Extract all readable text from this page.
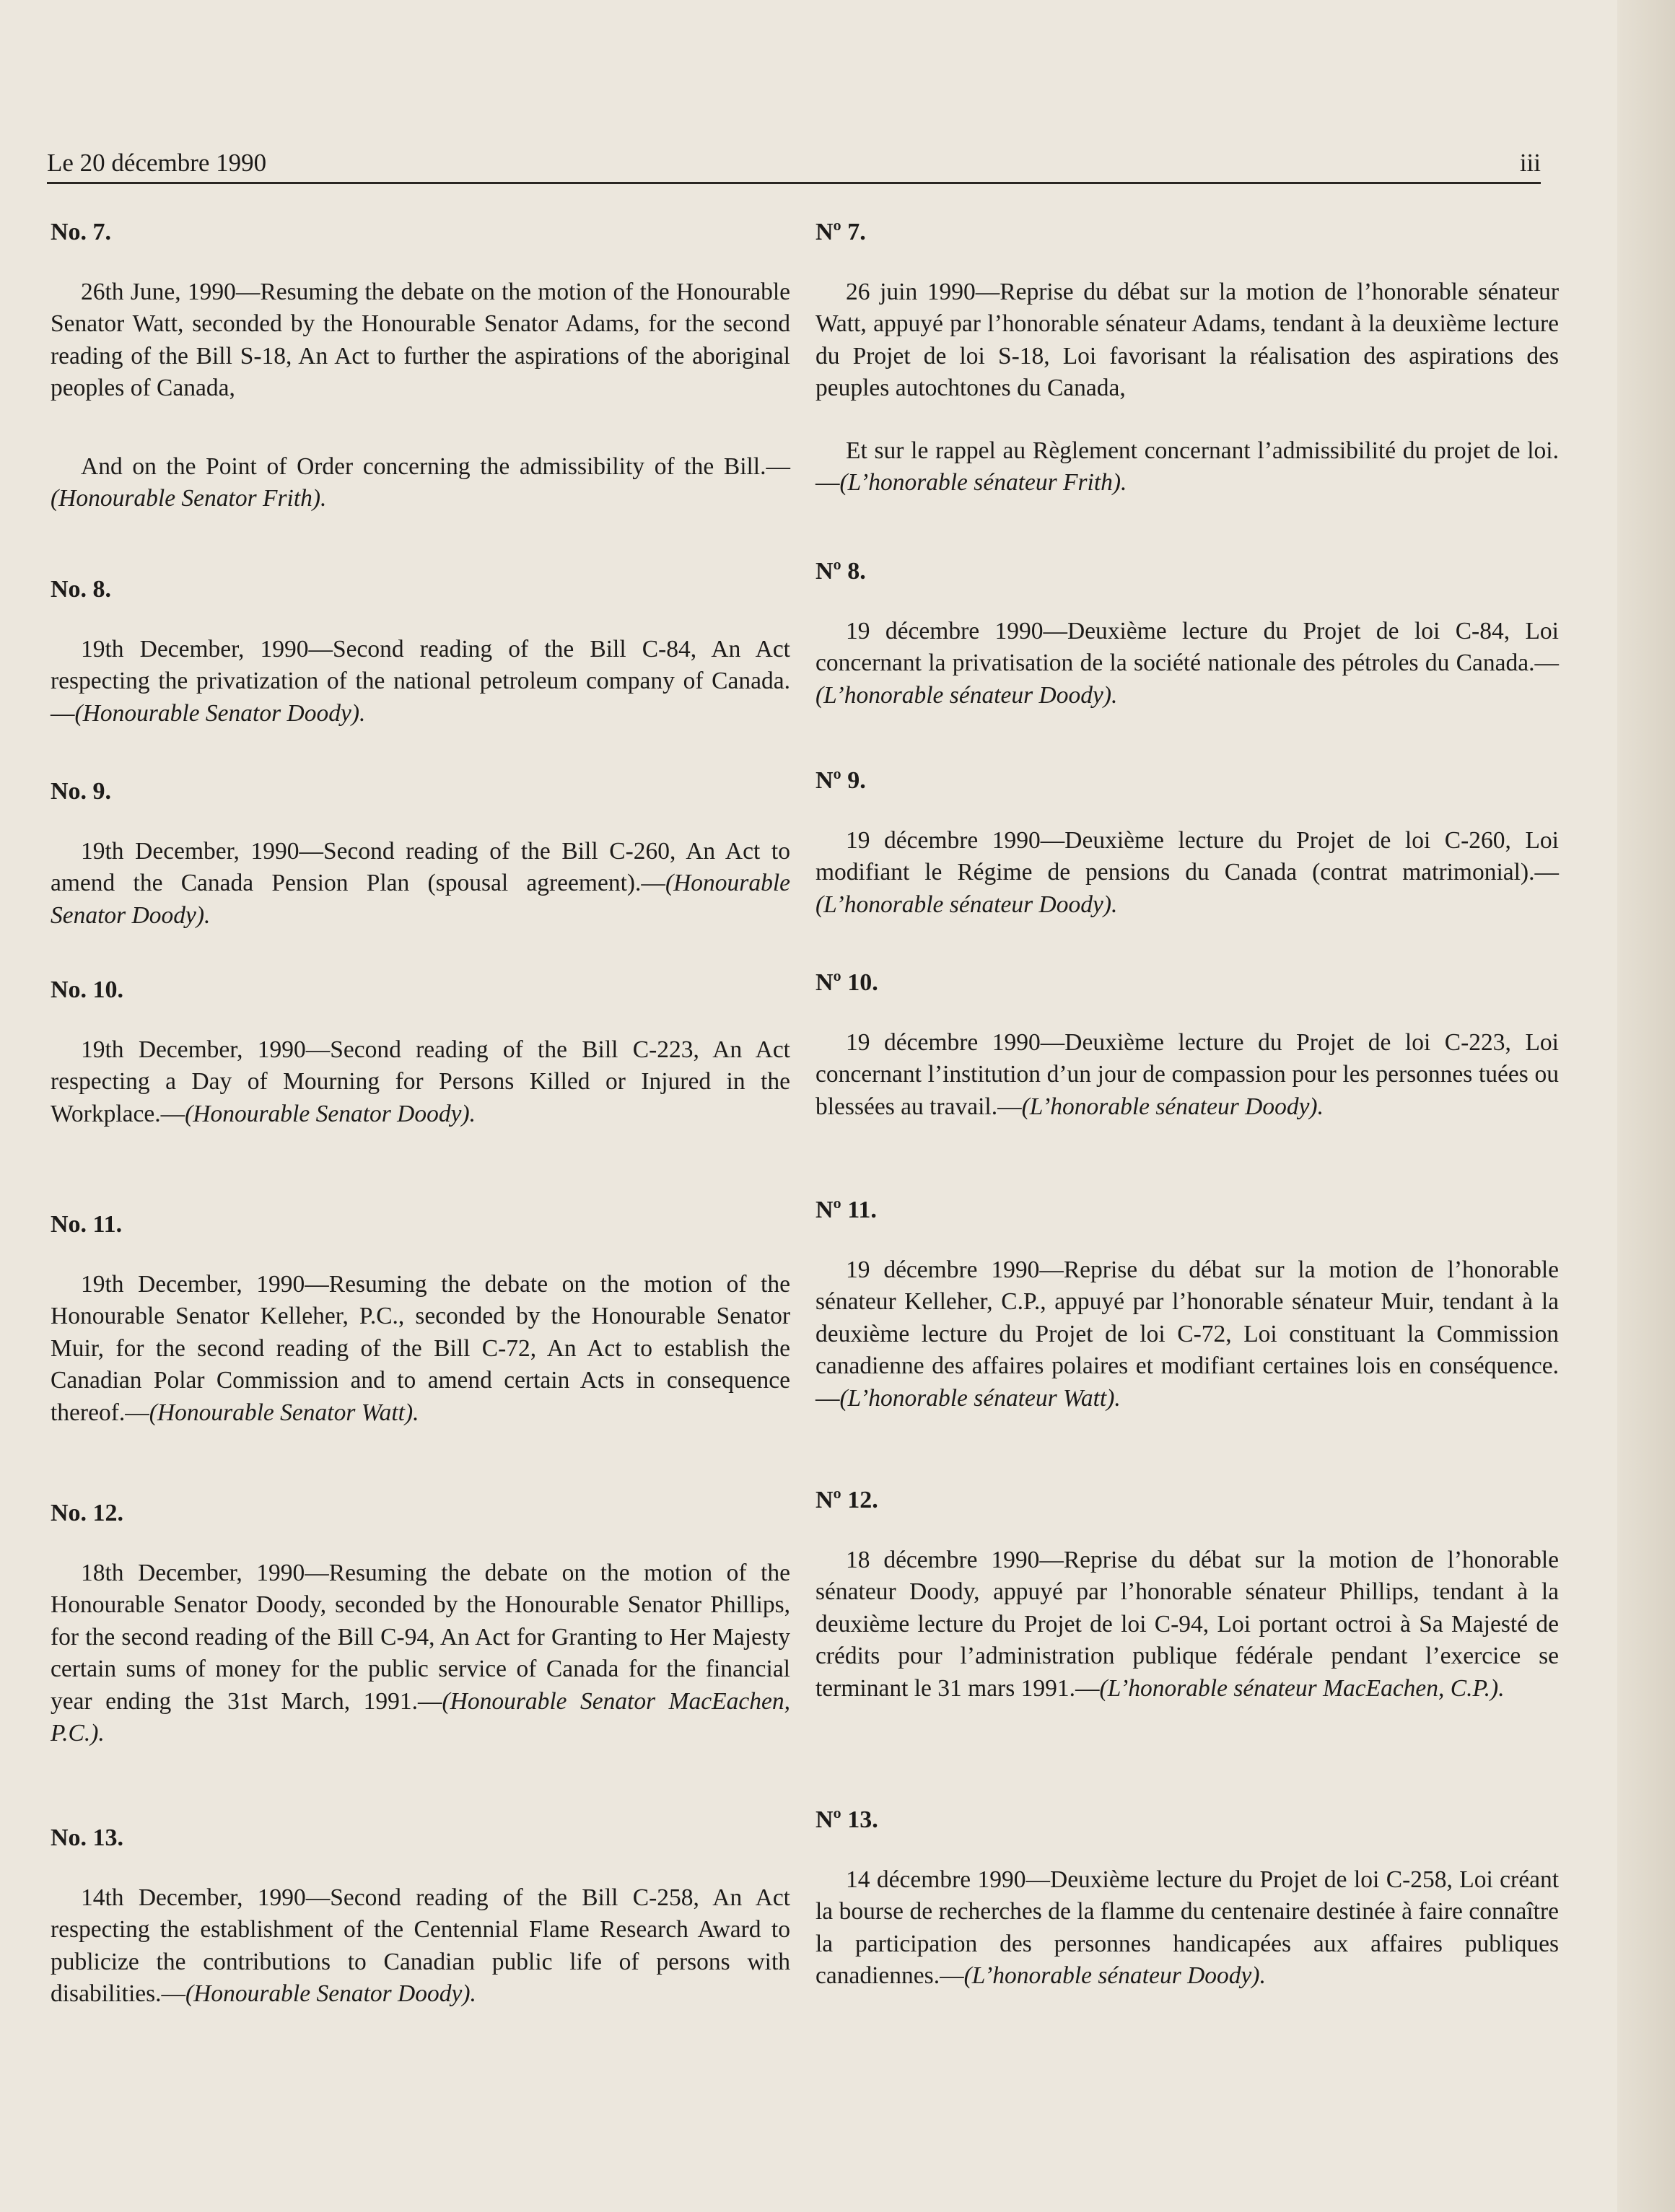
Le 20 décembre 1990	iii
No. 7.

26th June, 1990—Resuming the debate on the motion of the Honourable Senator Watt, seconded by the Honourable Senator Adams, for the second reading of the Bill S-18, An Act to further the aspirations of the aboriginal peoples of Canada,

And on the Point of Order concerning the admissibility of the Bill.—(Honourable Senator Frith).

No. 8.

19th December, 1990—Second reading of the Bill C-84, An Act respecting the privatization of the national petroleum company of Canada.—(Honourable Senator Doody).

No. 9.

19th December, 1990—Second reading of the Bill C-260, An Act to amend the Canada Pension Plan (spousal agreement).—(Honourable Senator Doody).

No. 10.

19th December, 1990—Second reading of the Bill C-223, An Act respecting a Day of Mourning for Persons Killed or Injured in the Workplace.—(Honourable Senator Doody).

No. 11.

19th December, 1990—Resuming the debate on the motion of the Honourable Senator Kelleher, P.C., seconded by the Honourable Senator Muir, for the second reading of the Bill C-72, An Act to establish the Canadian Polar Commission and to amend certain Acts in consequence thereof.—(Honourable Senator Watt).

No. 12.

18th December, 1990—Resuming the debate on the motion of the Honourable Senator Doody, seconded by the Honourable Senator Phillips, for the second reading of the Bill C-94, An Act for Granting to Her Majesty certain sums of money for the public service of Canada for the financial year ending the 31st March, 1991.—(Honourable Senator MacEachen, P.C.).

No. 13.

14th December, 1990—Second reading of the Bill C-258, An Act respecting the establishment of the Centennial Flame Research Award to publicize the contributions to Canadian public life of persons with disabilities.—(Honourable Senator Doody).

Nº 7.

26 juin 1990—Reprise du débat sur la motion de l’honorable sénateur Watt, appuyé par l’honorable sénateur Adams, tendant à la deuxième lecture du Projet de loi S-18, Loi favorisant la réalisation des aspirations des peuples autochtones du Canada,

Et sur le rappel au Règlement concernant l’admissibilité du projet de loi.—(L’honorable sénateur Frith).

Nº 8.

19 décembre 1990—Deuxième lecture du Projet de loi C-84, Loi concernant la privatisation de la société nationale des pétroles du Canada.—(L’honorable sénateur Doody).

Nº 9.

19 décembre 1990—Deuxième lecture du Projet de loi C-260, Loi modifiant le Régime de pensions du Canada (contrat matrimonial).—(L’honorable sénateur Doody).

Nº 10.

19 décembre 1990—Deuxième lecture du Projet de loi C-223, Loi concernant l’institution d’un jour de compassion pour les personnes tuées ou blessées au travail.—(L’honorable sénateur Doody).

Nº 11.

19 décembre 1990—Reprise du débat sur la motion de l’honorable sénateur Kelleher, C.P., appuyé par l’honorable sénateur Muir, tendant à la deuxième lecture du Projet de loi C-72, Loi constituant la Commission canadienne des affaires polaires et modifiant certaines lois en conséquence.—(L’honorable sénateur Watt).

Nº 12.

18 décembre 1990—Reprise du débat sur la motion de l’honorable sénateur Doody, appuyé par l’honorable sénateur Phillips, tendant à la deuxième lecture du Projet de loi C-94, Loi portant octroi à Sa Majesté de crédits pour l’administration publique fédérale pendant l’exercice se terminant le 31 mars 1991.—(L’honorable sénateur MacEachen, C.P.).

Nº 13.

14 décembre 1990—Deuxième lecture du Projet de loi C-258, Loi créant la bourse de recherches de la flamme du centenaire destinée à faire connaître la participation des personnes handicapées aux affaires publiques canadiennes.—(L’honorable sénateur Doody).
